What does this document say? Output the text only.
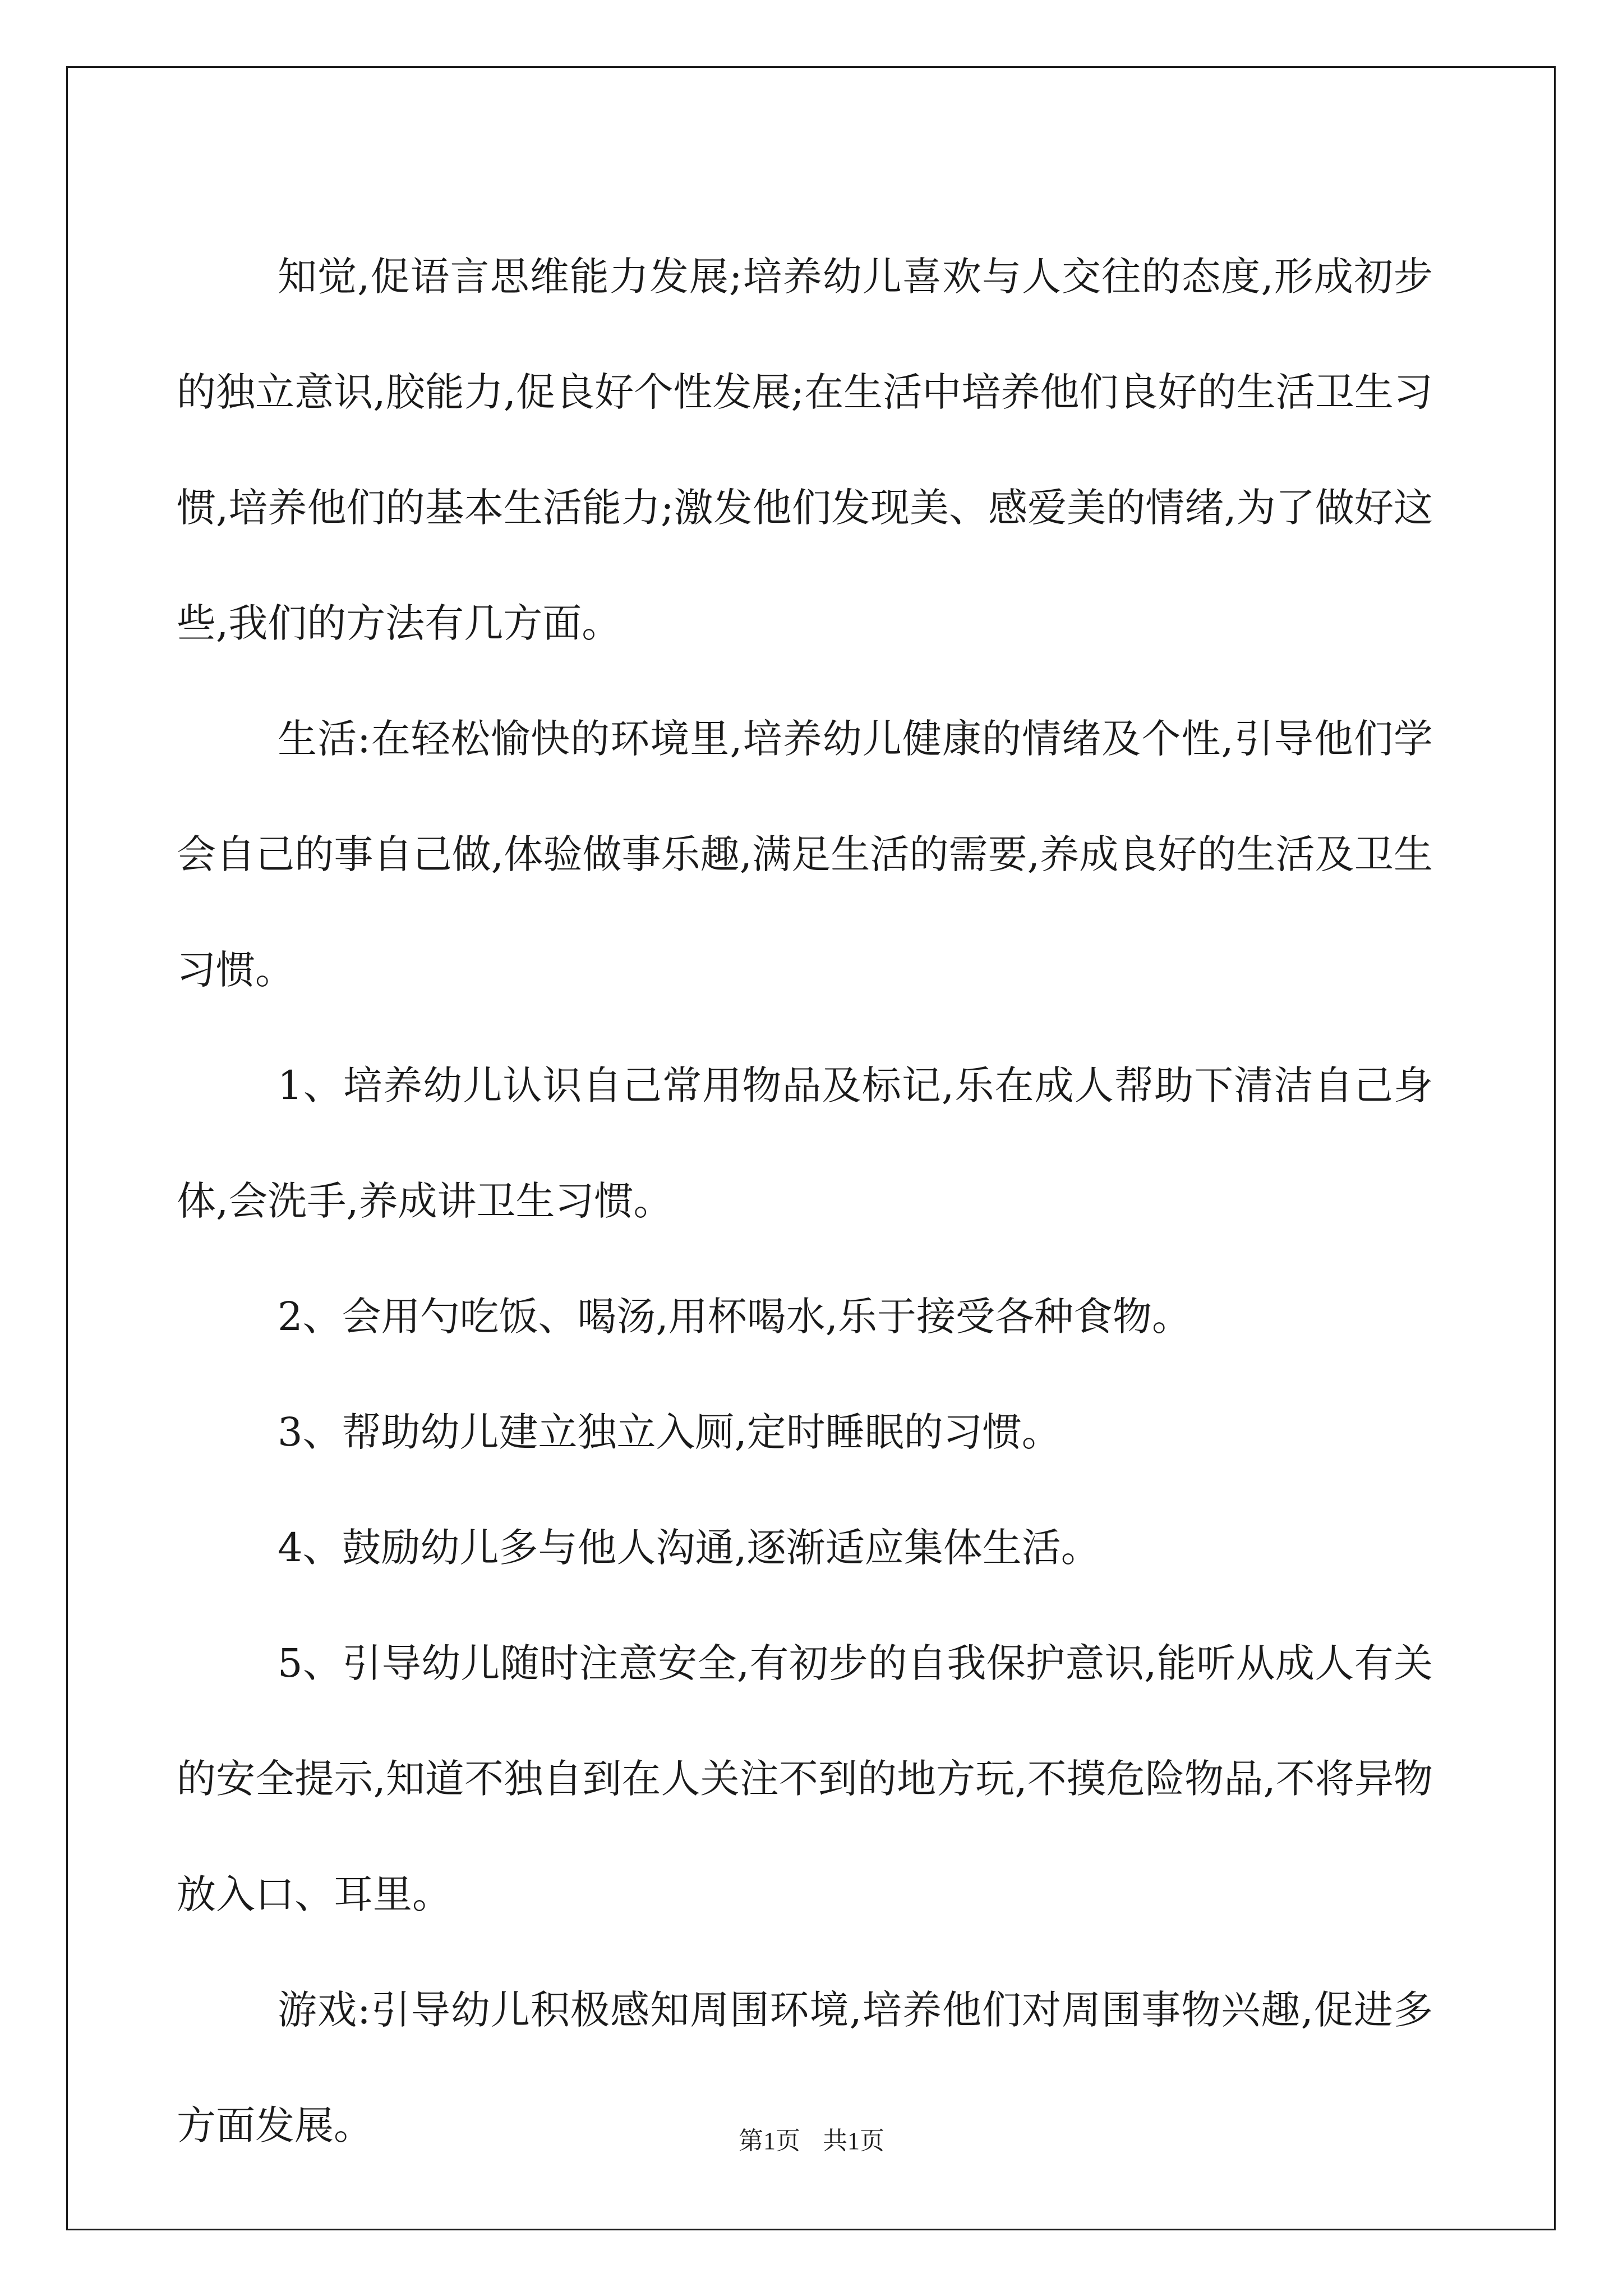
知觉,促语言思维能力发展;培养幼儿喜欢与人交往的态度,形成初步的独立意识,胶能力,促良好个性发展;在生活中培养他们良好的生活卫生习惯,培养他们的基本生活能力;激发他们发现美、感爱美的情绪,为了做好这些,我们的方法有几方面。

生活:在轻松愉快的环境里,培养幼儿健康的情绪及个性,引导他们学会自己的事自己做,体验做事乐趣,满足生活的需要,养成良好的生活及卫生习惯。

1、培养幼儿认识自己常用物品及标记,乐在成人帮助下清洁自己身体,会洗手,养成讲卫生习惯。

2、会用勺吃饭、喝汤,用杯喝水,乐于接受各种食物。

3、帮助幼儿建立独立入厕,定时睡眠的习惯。

4、鼓励幼儿多与他人沟通,逐渐适应集体生活。

5、引导幼儿随时注意安全,有初步的自我保护意识,能听从成人有关的安全提示,知道不独自到在人关注不到的地方玩,不摸危险物品,不将异物放入口、耳里。

游戏:引导幼儿积极感知周围环境,培养他们对周围事物兴趣,促进多方面发展。	第1页 共1页
